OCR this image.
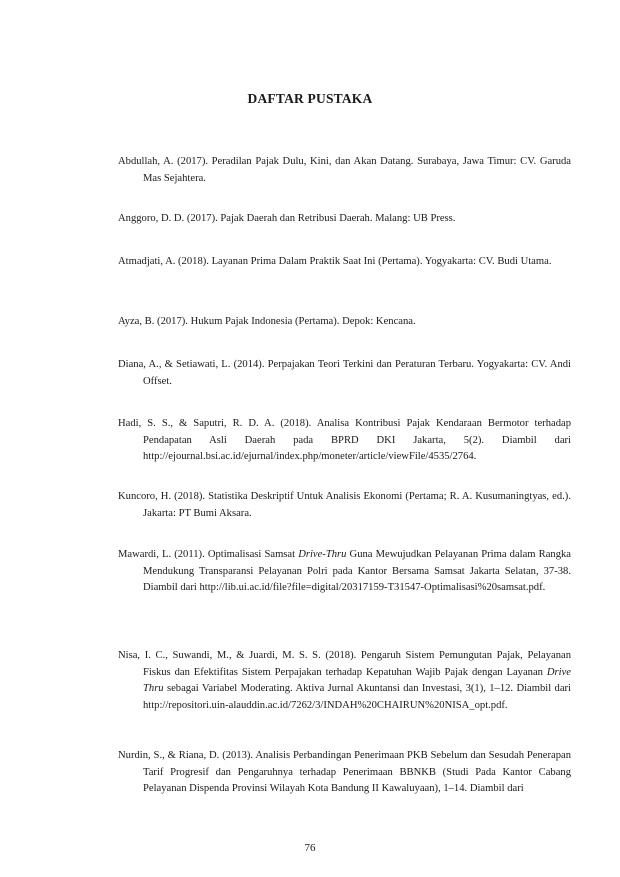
DAFTAR PUSTAKA
Abdullah, A. (2017). Peradilan Pajak Dulu, Kini, dan Akan Datang. Surabaya, Jawa Timur: CV. Garuda Mas Sejahtera.
Anggoro, D. D. (2017). Pajak Daerah dan Retribusi Daerah. Malang: UB Press.
Atmadjati, A. (2018). Layanan Prima Dalam Praktik Saat Ini (Pertama). Yogyakarta: CV. Budi Utama.
Ayza, B. (2017). Hukum Pajak Indonesia (Pertama). Depok: Kencana.
Diana, A., & Setiawati, L. (2014). Perpajakan Teori Terkini dan Peraturan Terbaru. Yogyakarta: CV. Andi Offset.
Hadi, S. S., & Saputri, R. D. A. (2018). Analisa Kontribusi Pajak Kendaraan Bermotor terhadap Pendapatan Asli Daerah pada BPRD DKI Jakarta, 5(2). Diambil dari http://ejournal.bsi.ac.id/ejurnal/index.php/moneter/article/viewFile/4535/2764.
Kuncoro, H. (2018). Statistika Deskriptif Untuk Analisis Ekonomi (Pertama; R. A. Kusumaningtyas, ed.). Jakarta: PT Bumi Aksara.
Mawardi, L. (2011). Optimalisasi Samsat Drive-Thru Guna Mewujudkan Pelayanan Prima dalam Rangka Mendukung Transparansi Pelayanan Polri pada Kantor Bersama Samsat Jakarta Selatan, 37-38. Diambil dari http://lib.ui.ac.id/file?file=digital/20317159-T31547-Optimalisasi%20samsat.pdf.
Nisa, I. C., Suwandi, M., & Juardi, M. S. S. (2018). Pengaruh Sistem Pemungutan Pajak, Pelayanan Fiskus dan Efektifitas Sistem Perpajakan terhadap Kepatuhan Wajib Pajak dengan Layanan Drive Thru sebagai Variabel Moderating. Aktiva Jurnal Akuntansi dan Investasi, 3(1), 1–12. Diambil dari http://repositori.uin-alauddin.ac.id/7262/3/INDAH%20CHAIRUN%20NISA_opt.pdf.
Nurdin, S., & Riana, D. (2013). Analisis Perbandingan Penerimaan PKB Sebelum dan Sesudah Penerapan Tarif Progresif dan Pengaruhnya terhadap Penerimaan BBNKB (Studi Pada Kantor Cabang Pelayanan Dispenda Provinsi Wilayah Kota Bandung II Kawaluyaan), 1–14. Diambil dari
76
